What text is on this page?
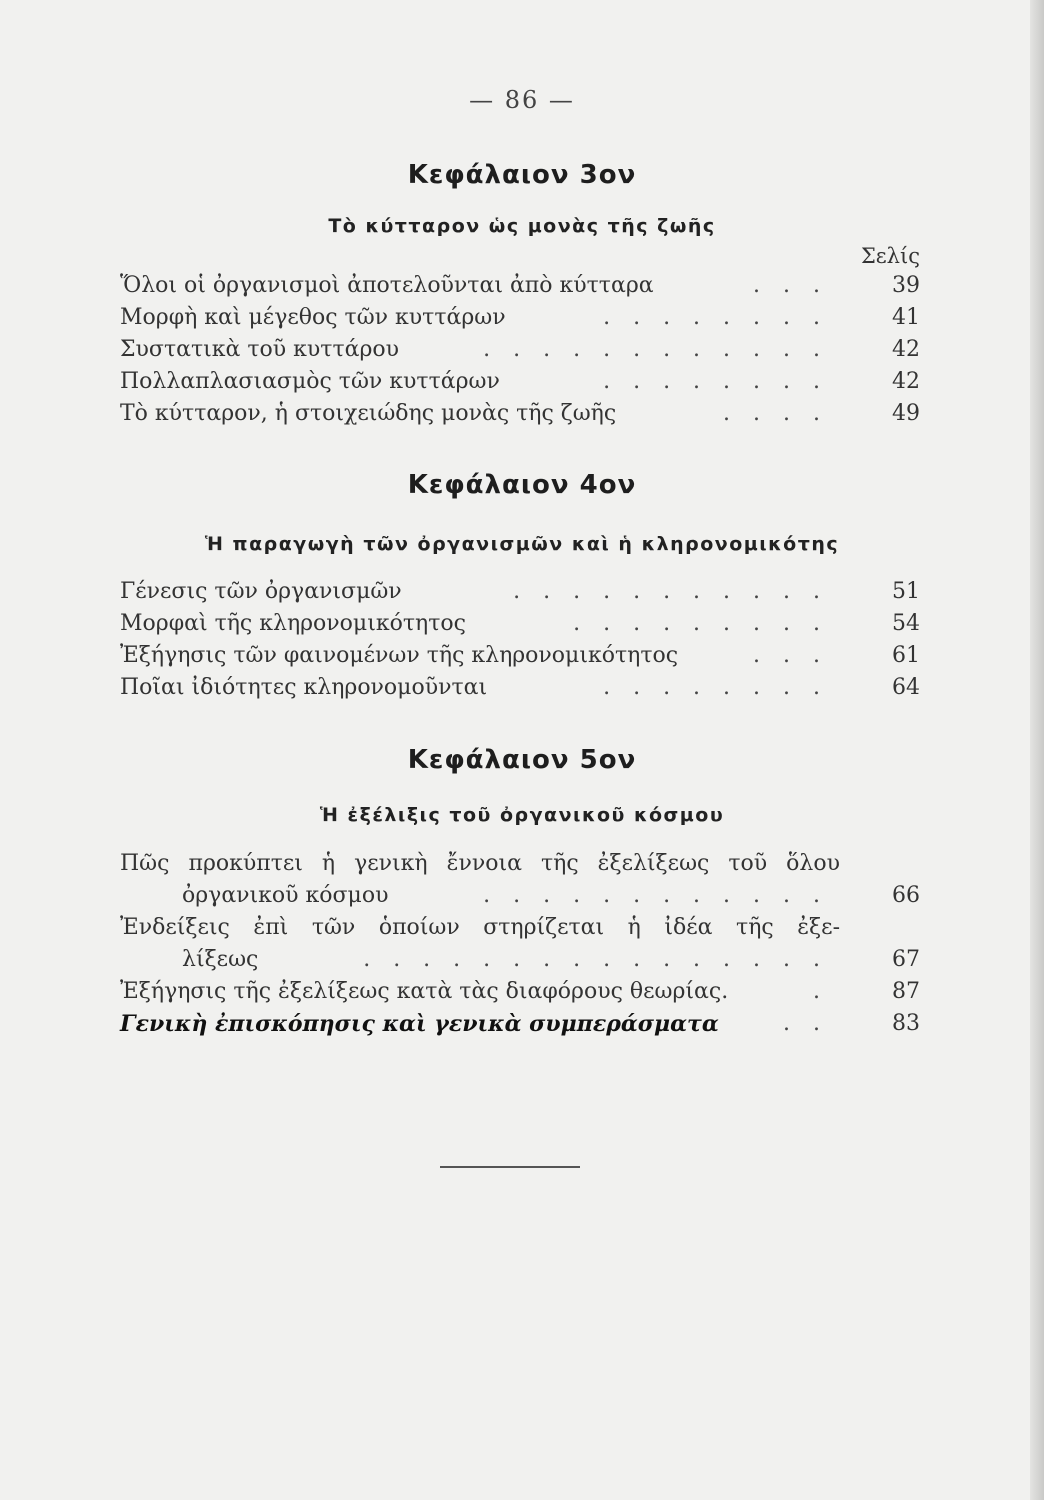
— 86 —
Κεφάλαιον 3ον
Τὸ κύτταρον ὡς μονὰς τῆς ζωῆς
Σελίς
Ὅλοι οἱ ὀργανισμοὶ ἀποτελοῦνται ἀπὸ κύτταρα	. . .	39
Μορφὴ καὶ μέγεθος τῶν κυττάρων	. . . . . . . .	41
Συστατικὰ τοῦ κυττάρου	. . . . . . . . . . . .	42
Πολλαπλασιασμὸς τῶν κυττάρων	. . . . . . . .	42
Τὸ κύτταρον, ἡ στοιχειώδης μονὰς τῆς ζωῆς	. . . .	49
Κεφάλαιον 4ον
Ἡ παραγωγὴ τῶν ὀργανισμῶν καὶ ἡ κληρονομικότης
Γένεσις τῶν ὀργανισμῶν	. . . . . . . . . . .	51
Μορφαὶ τῆς κληρονομικότητος	. . . . . . . . .	54
Ἐξήγησις τῶν φαινομένων τῆς κληρονομικότητος	. . .	61
Ποῖαι ἰδιότητες κληρονομοῦνται	. . . . . . . .	64
Κεφάλαιον 5ον
Ἡ ἐξέλιξις τοῦ ὀργανικοῦ κόσμου
Πῶς προκύπτει ἡ γενικὴ ἔννοια τῆς ἐξελίξεως τοῦ ὅλου
ὀργανικοῦ κόσμου	. . . . . . . . . . . .	66
Ἐνδείξεις ἐπὶ τῶν ὁποίων στηρίζεται ἡ ἰδέα τῆς ἐξε-
λίξεως	. . . . . . . . . . . . . . . .	67
Ἐξήγησις τῆς ἐξελίξεως κατὰ τὰς διαφόρους θεωρίας.	.	87
Γενικὴ ἐπισκόπησις καὶ γενικὰ συμπεράσματα	. .	83
